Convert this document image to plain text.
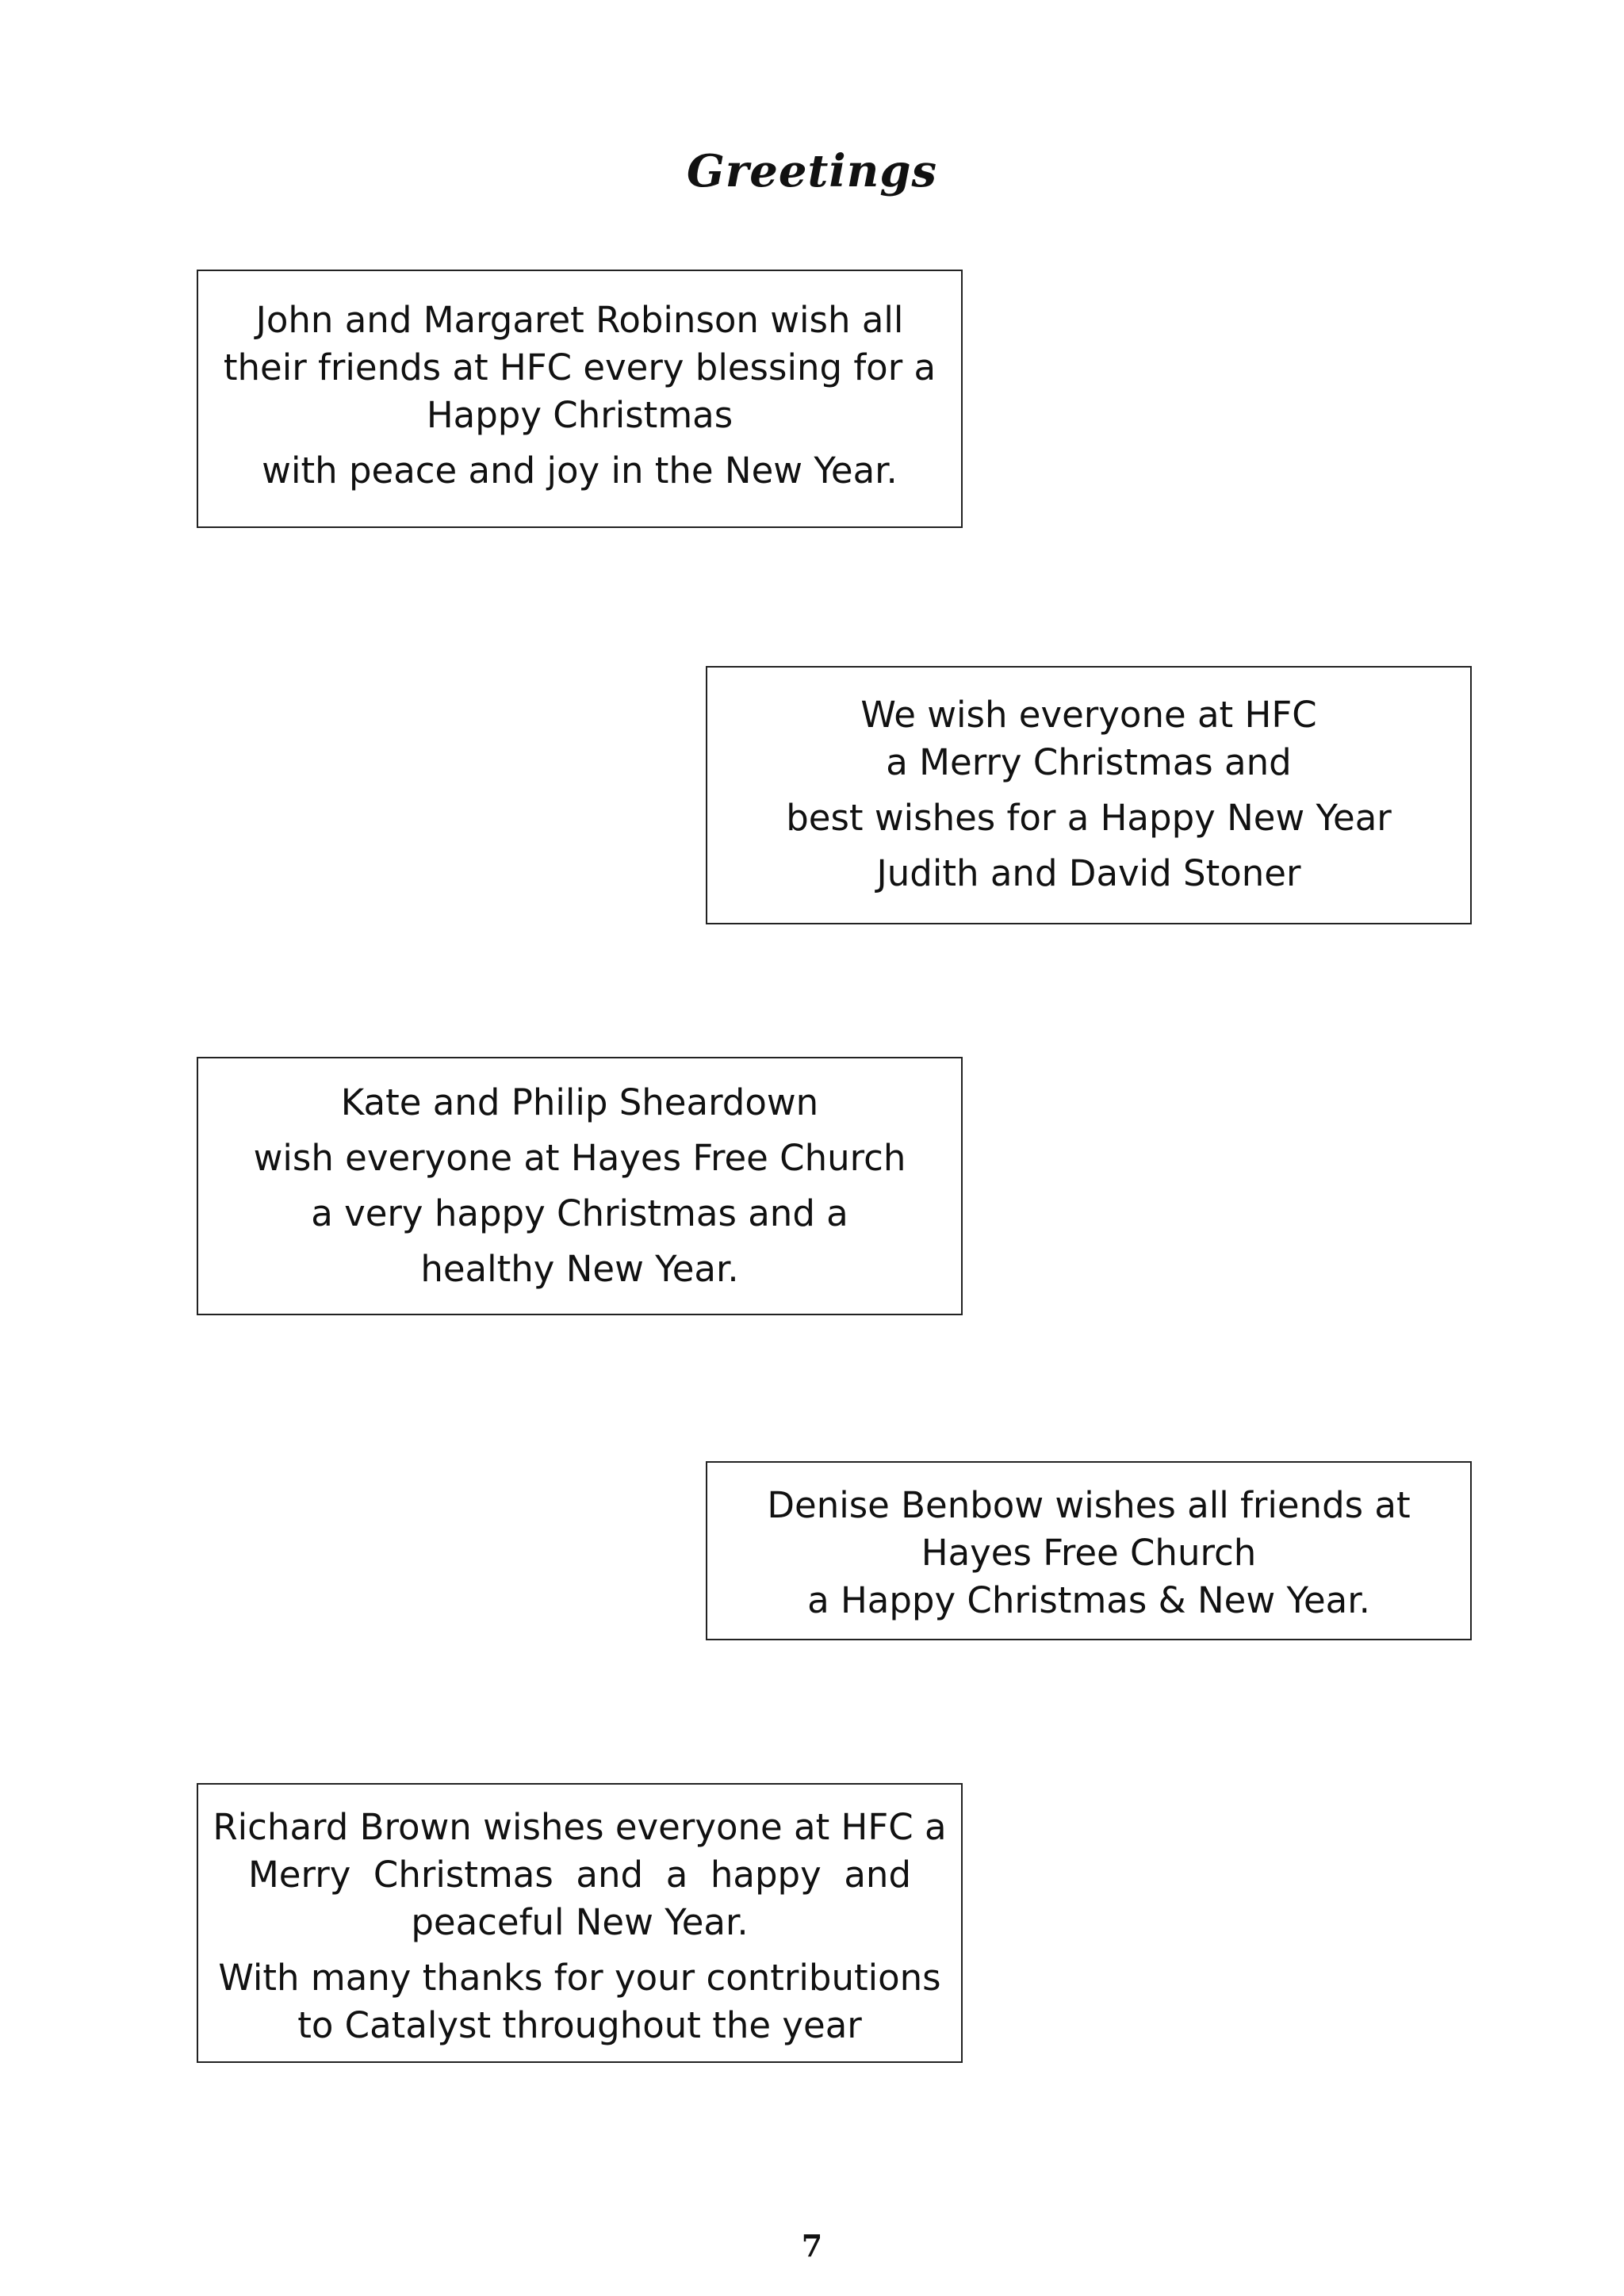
Greetings
John and Margaret Robinson wish all
their friends at HFC every blessing for a
Happy Christmas
with peace and joy in the New Year.
We wish everyone at HFC
a Merry Christmas and
best wishes for a Happy New Year
Judith and David Stoner
Kate and Philip Sheardown
wish everyone at Hayes Free Church
a very happy Christmas and a
healthy New Year.
Denise Benbow wishes all friends at
Hayes Free Church
a Happy Christmas & New Year.
Richard Brown wishes everyone at HFC a
Merry  Christmas  and  a  happy  and
peaceful New Year.
With many thanks for your contributions
to Catalyst throughout the year
7
